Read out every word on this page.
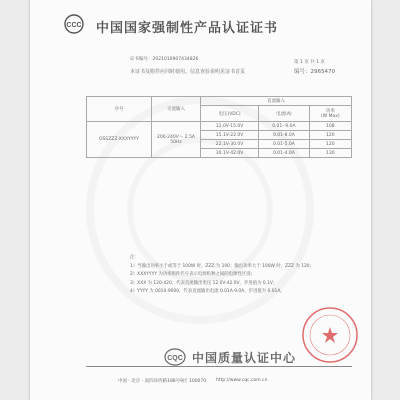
CCC 中国国家强制性产品认证证书
证书编号：2021010907434826
第 1 页 共 1 页
本证书及附件应同时使用。信息查验说明见证书首页	编号：2965470
序号	交流输入	直流输入		
		电压(VDC)	电流(A)	功率
(W Max)
OSSZZZ-XXXYYYY	200-240V～ 2.5A 50Hz	12.0V-15.0V	0.01- 9.0A	108
		15.1V-22.0V	0.01-8.0A	120
		22.1V-30.0V	0.01-5.0A	120
		30.1V-42.0V	0.01-4.0A	130
注：
1）当输出功率小于或等于 100W 时，ZZZ 为 100；输出功率大于 100W 时，ZZZ 为 120；
2）XXXYYYY 为功率组件代号表示电源机种之间的电源性区别；
3）XXX 为 120-420，代表直流输出电压 12.0V-42.0V，步进值为 0.1V；
4）YYYY 为 0010-9000，代表直流输出电流 0.01A-9.0A，步进值为 0.01A。
CQC 中国质量认证中心
中国 · 北京 · 南四环西路188号9区 100070 http://www.cqc.com.cn
